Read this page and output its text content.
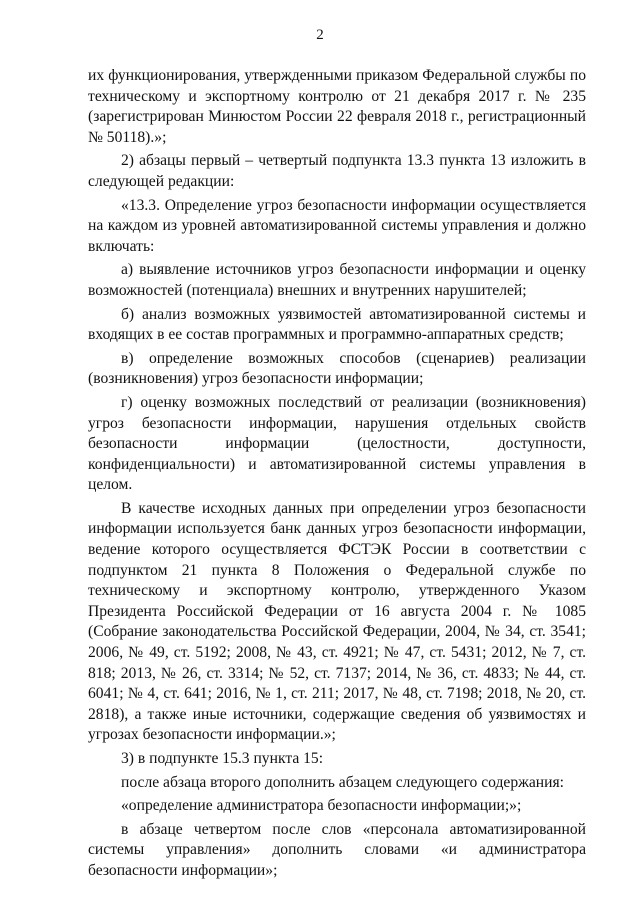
2

их функционирования, утвержденными приказом Федеральной службы по техническому и экспортному контролю от 21 декабря 2017 г. № 235 (зарегистрирован Минюстом России 22 февраля 2018 г., регистрационный № 50118).»;

2) абзацы первый – четвертый подпункта 13.3 пункта 13 изложить в следующей редакции:

«13.3. Определение угроз безопасности информации осуществляется на каждом из уровней автоматизированной системы управления и должно включать:

а) выявление источников угроз безопасности информации и оценку возможностей (потенциала) внешних и внутренних нарушителей;

б) анализ возможных уязвимостей автоматизированной системы и входящих в ее состав программных и программно-аппаратных средств;

в) определение возможных способов (сценариев) реализации (возникновения) угроз безопасности информации;

г) оценку возможных последствий от реализации (возникновения) угроз безопасности информации, нарушения отдельных свойств безопасности информации (целостности, доступности, конфиденциальности) и автоматизированной системы управления в целом.

В качестве исходных данных при определении угроз безопасности информации используется банк данных угроз безопасности информации, ведение которого осуществляется ФСТЭК России в соответствии с подпунктом 21 пункта 8 Положения о Федеральной службе по техническому и экспортному контролю, утвержденного Указом Президента Российской Федерации от 16 августа 2004 г. № 1085 (Собрание законодательства Российской Федерации, 2004, № 34, ст. 3541; 2006, № 49, ст. 5192; 2008, № 43, ст. 4921; № 47, ст. 5431; 2012, № 7, ст. 818; 2013, № 26, ст. 3314; № 52, ст. 7137; 2014, № 36, ст. 4833; № 44, ст. 6041; № 4, ст. 641; 2016, № 1, ст. 211; 2017, № 48, ст. 7198; 2018, № 20, ст. 2818), а также иные источники, содержащие сведения об уязвимостях и угрозах безопасности информации.»;

3) в подпункте 15.3 пункта 15:

после абзаца второго дополнить абзацем следующего содержания:

«определение администратора безопасности информации;»;

в абзаце четвертом после слов «персонала автоматизированной системы управления» дополнить словами «и администратора безопасности информации»;
